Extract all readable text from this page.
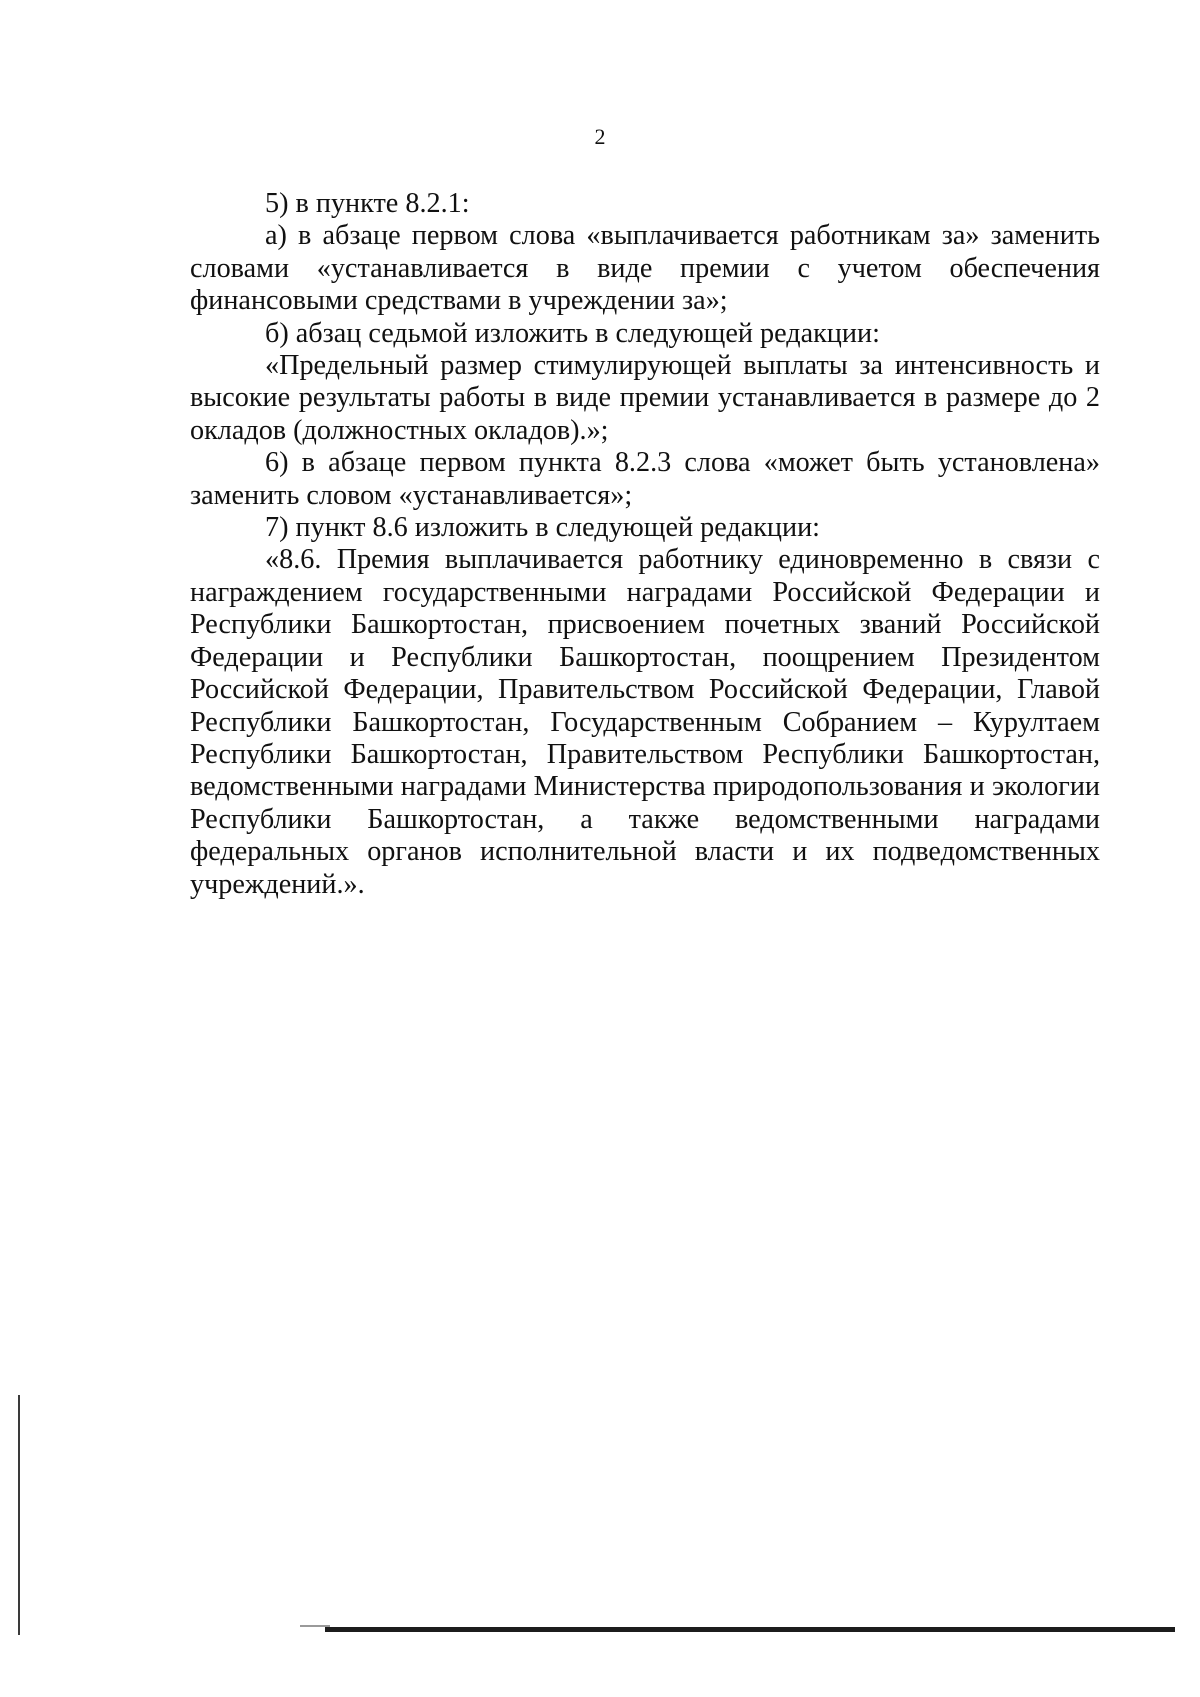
2

5) в пункте 8.2.1:

а) в абзаце первом слова «выплачивается работникам за» заменить словами «устанавливается в виде премии с учетом обеспечения финансовыми средствами в учреждении за»;

б) абзац седьмой изложить в следующей редакции:

«Предельный размер стимулирующей выплаты за интенсивность и высокие результаты работы в виде премии устанавливается в размере до 2 окладов (должностных окладов).»;

6) в абзаце первом пункта 8.2.3 слова «может быть установлена» заменить словом «устанавливается»;

7) пункт 8.6 изложить в следующей редакции:

«8.6. Премия выплачивается работнику единовременно в связи с награждением государственными наградами Российской Федерации и Республики Башкортостан, присвоением почетных званий Российской Федерации и Республики Башкортостан, поощрением Президентом Российской Федерации, Правительством Российской Федерации, Главой Республики Башкортостан, Государственным Собранием – Курултаем Республики Башкортостан, Правительством Республики Башкортостан, ведомственными наградами Министерства природопользования и экологии Республики Башкортостан, а также ведомственными наградами федеральных органов исполнительной власти и их подведомственных учреждений.».
